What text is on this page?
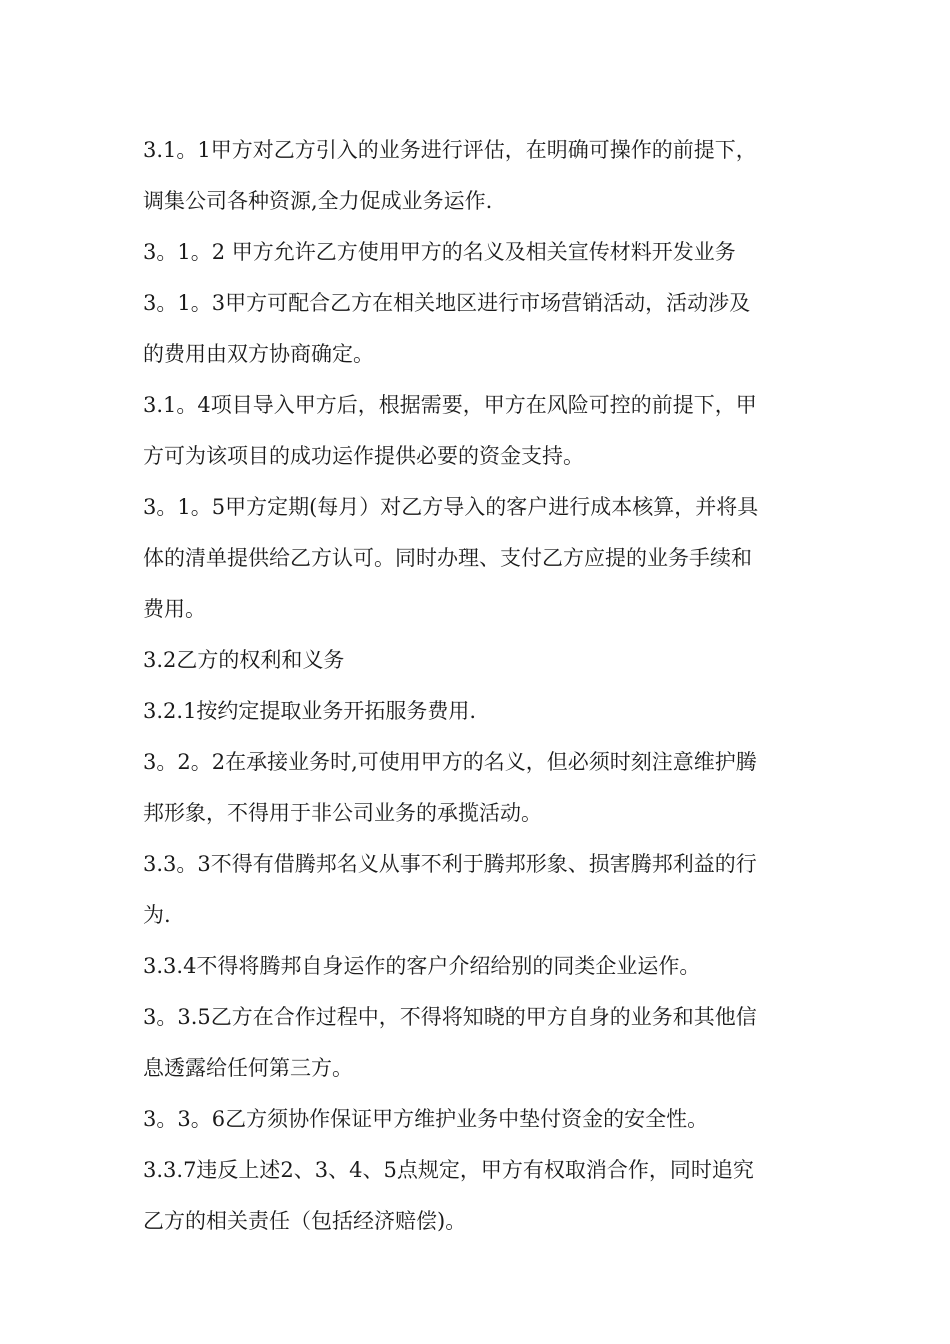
3.1。1甲方对乙方引入的业务进行评估，在明确可操作的前提下，
调集公司各种资源,全力促成业务运作.
3。1。2 甲方允许乙方使用甲方的名义及相关宣传材料开发业务
3。1。3甲方可配合乙方在相关地区进行市场营销活动，活动涉及
的费用由双方协商确定。
3.1。4项目导入甲方后，根据需要，甲方在风险可控的前提下，甲
方可为该项目的成功运作提供必要的资金支持。
3。1。5甲方定期(每月）对乙方导入的客户进行成本核算，并将具
体的清单提供给乙方认可。同时办理、支付乙方应提的业务手续和
费用。
3.2乙方的权利和义务
3.2.1按约定提取业务开拓服务费用.
3。2。2在承接业务时,可使用甲方的名义，但必须时刻注意维护腾
邦形象，不得用于非公司业务的承揽活动。
3.3。3不得有借腾邦名义从事不利于腾邦形象、损害腾邦利益的行
为.
3.3.4不得将腾邦自身运作的客户介绍给别的同类企业运作。
3。3.5乙方在合作过程中，不得将知晓的甲方自身的业务和其他信
息透露给任何第三方。
3。3。6乙方须协作保证甲方维护业务中垫付资金的安全性。
3.3.7违反上述2、3、4、5点规定，甲方有权取消合作，同时追究
乙方的相关责任（包括经济赔偿)。
